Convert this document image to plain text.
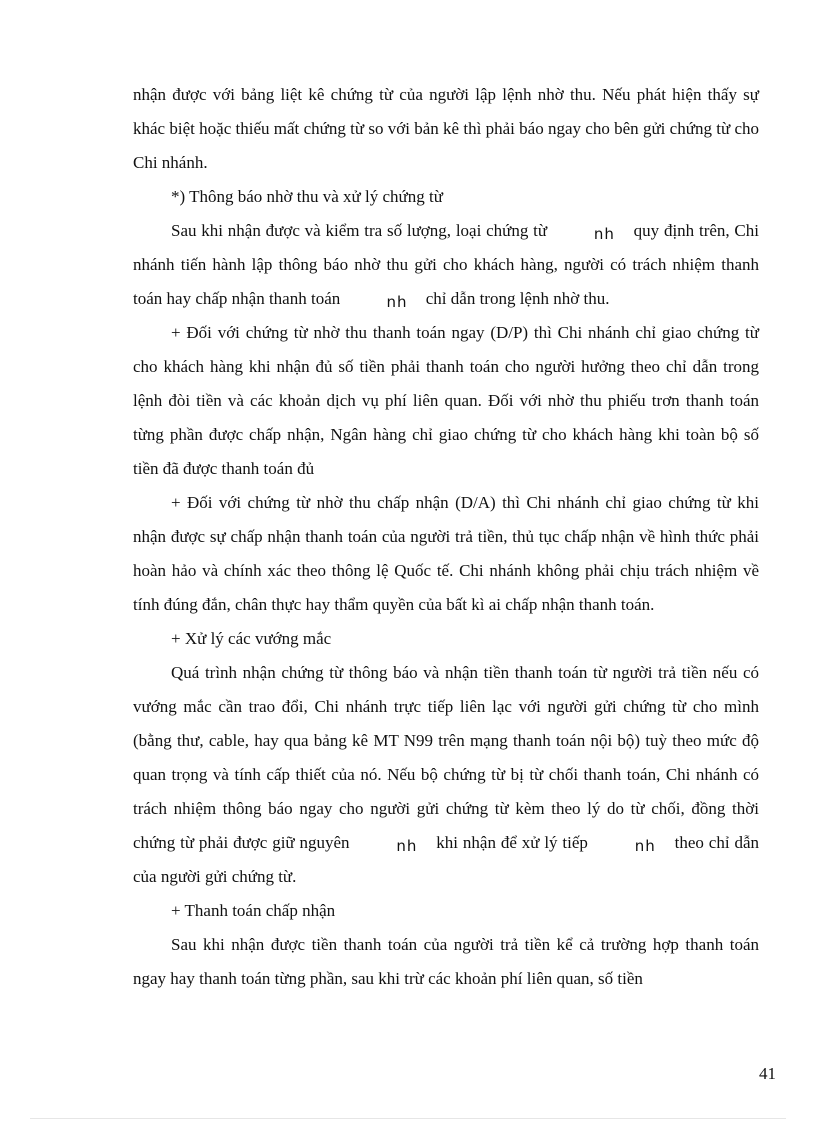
nhận được với bảng liệt kê chứng từ của người lập lệnh nhờ thu. Nếu phát hiện thấy sự khác biệt hoặc thiếu mất chứng từ so với bản kê thì phải báo ngay cho bên gửi chứng từ cho Chi nhánh.

*) Thông báo nhờ thu và xử lý chứng từ

Sau khi nhận được và kiểm tra số lượng, loại chứng từ	nh quy định trên, Chi nhánh tiến hành lập thông báo nhờ thu gửi cho khách hàng, người có trách nhiệm thanh toán hay chấp nhận thanh toán	nh chỉ dẫn trong lệnh nhờ thu.

+ Đối với chứng từ nhờ thu thanh toán ngay (D/P) thì Chi nhánh chỉ giao chứng từ cho khách hàng khi nhận đủ số tiền phải thanh toán cho người hưởng theo chỉ dẫn trong lệnh đòi tiền và các khoản dịch vụ phí liên quan. Đối với nhờ thu phiếu trơn thanh toán từng phần được chấp nhận, Ngân hàng chỉ giao chứng từ cho khách hàng khi toàn bộ số tiền đã được thanh toán đủ

+ Đối với chứng từ nhờ thu chấp nhận (D/A) thì Chi nhánh chỉ giao chứng từ khi nhận được sự chấp nhận thanh toán của người trả tiền, thủ tục chấp nhận về hình thức phải hoàn hảo và chính xác theo thông lệ Quốc tế. Chi nhánh không phải chịu trách nhiệm về tính đúng đắn, chân thực hay thẩm quyền của bất kì ai chấp nhận thanh toán.

+ Xử lý các vướng mắc

Quá trình nhận chứng từ thông báo và nhận tiền thanh toán từ người trả tiền nếu có vướng mắc cần trao đổi, Chi nhánh trực tiếp liên lạc với người gửi chứng từ cho mình (bằng thư, cable, hay qua bảng kê MT N99 trên mạng thanh toán nội bộ) tuỳ theo mức độ quan trọng và tính cấp thiết của nó. Nếu bộ chứng từ bị từ chối thanh toán, Chi nhánh có trách nhiệm thông báo ngay cho người gửi chứng từ kèm theo lý do từ chối, đồng thời chứng từ phải được giữ nguyên	nh khi nhận để xử lý tiếp	nh theo chỉ dẫn của người gửi chứng từ.

+ Thanh toán chấp nhận

Sau khi nhận được tiền thanh toán của người trả tiền kể cả trường hợp thanh toán ngay hay thanh toán từng phần, sau khi trừ các khoản phí liên quan, số tiền

41
